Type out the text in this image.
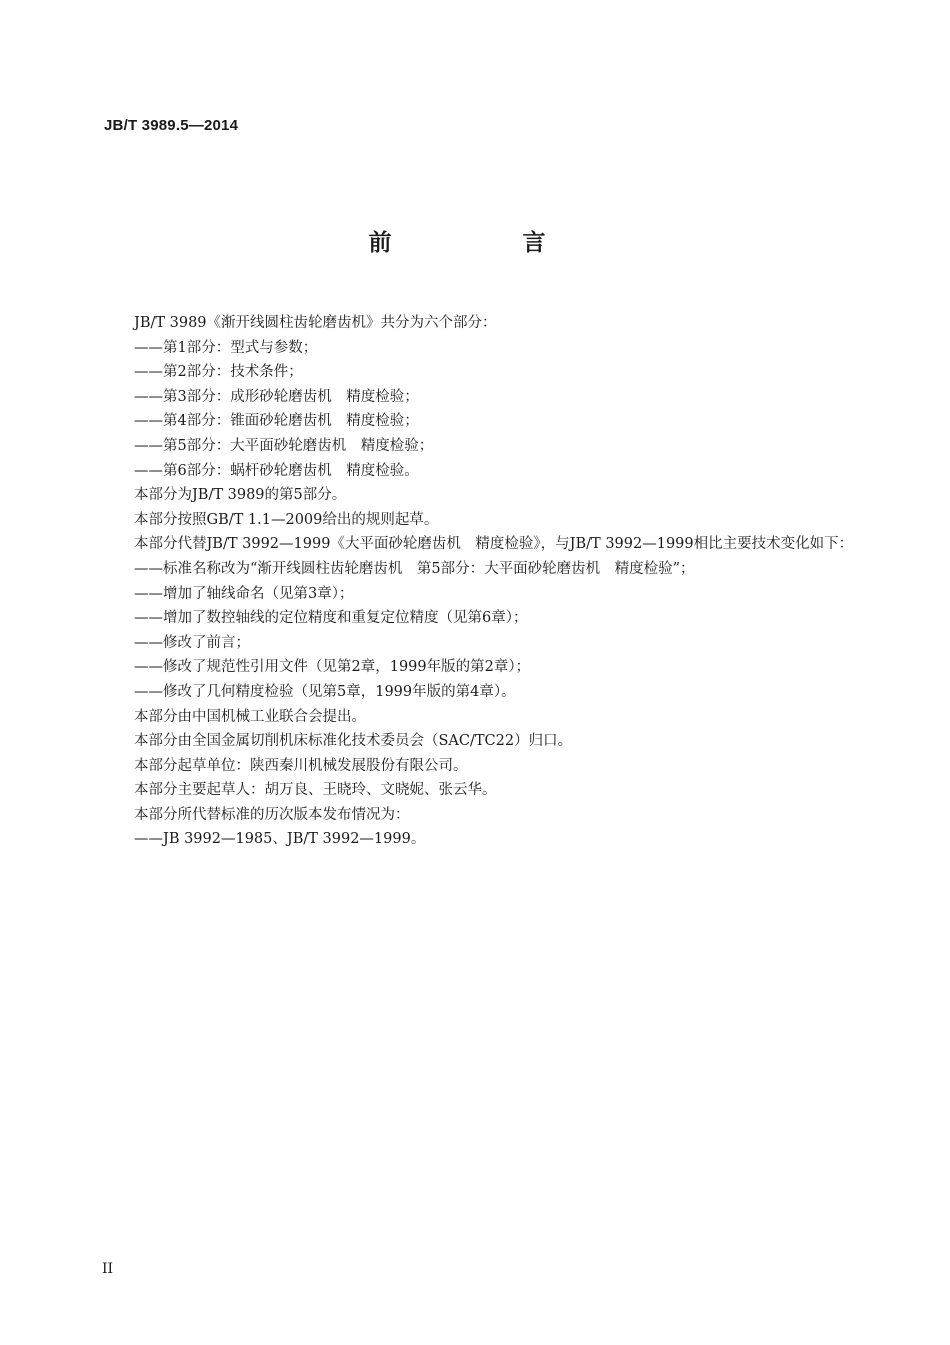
JB/T 3989.5—2014
前　言

JB/T 3989《渐开线圆柱齿轮磨齿机》共分为六个部分：

——第1部分：型式与参数；

——第2部分：技术条件；

——第3部分：成形砂轮磨齿机　精度检验；

——第4部分：锥面砂轮磨齿机　精度检验；

——第5部分：大平面砂轮磨齿机　精度检验；

——第6部分：蜗杆砂轮磨齿机　精度检验。

本部分为JB/T 3989的第5部分。

本部分按照GB/T 1.1—2009给出的规则起草。

本部分代替JB/T 3992—1999《大平面砂轮磨齿机　精度检验》，与JB/T 3992—1999相比主要技术变化如下：

——标准名称改为“渐开线圆柱齿轮磨齿机　第5部分：大平面砂轮磨齿机　精度检验”；

——增加了轴线命名（见第3章）；

——增加了数控轴线的定位精度和重复定位精度（见第6章）；

——修改了前言；

——修改了规范性引用文件（见第2章，1999年版的第2章）；

——修改了几何精度检验（见第5章，1999年版的第4章）。

本部分由中国机械工业联合会提出。

本部分由全国金属切削机床标准化技术委员会（SAC/TC22）归口。

本部分起草单位：陕西秦川机械发展股份有限公司。

本部分主要起草人：胡万良、王晓玲、文晓妮、张云华。

本部分所代替标准的历次版本发布情况为：

——JB 3992—1985、JB/T 3992—1999。

II
